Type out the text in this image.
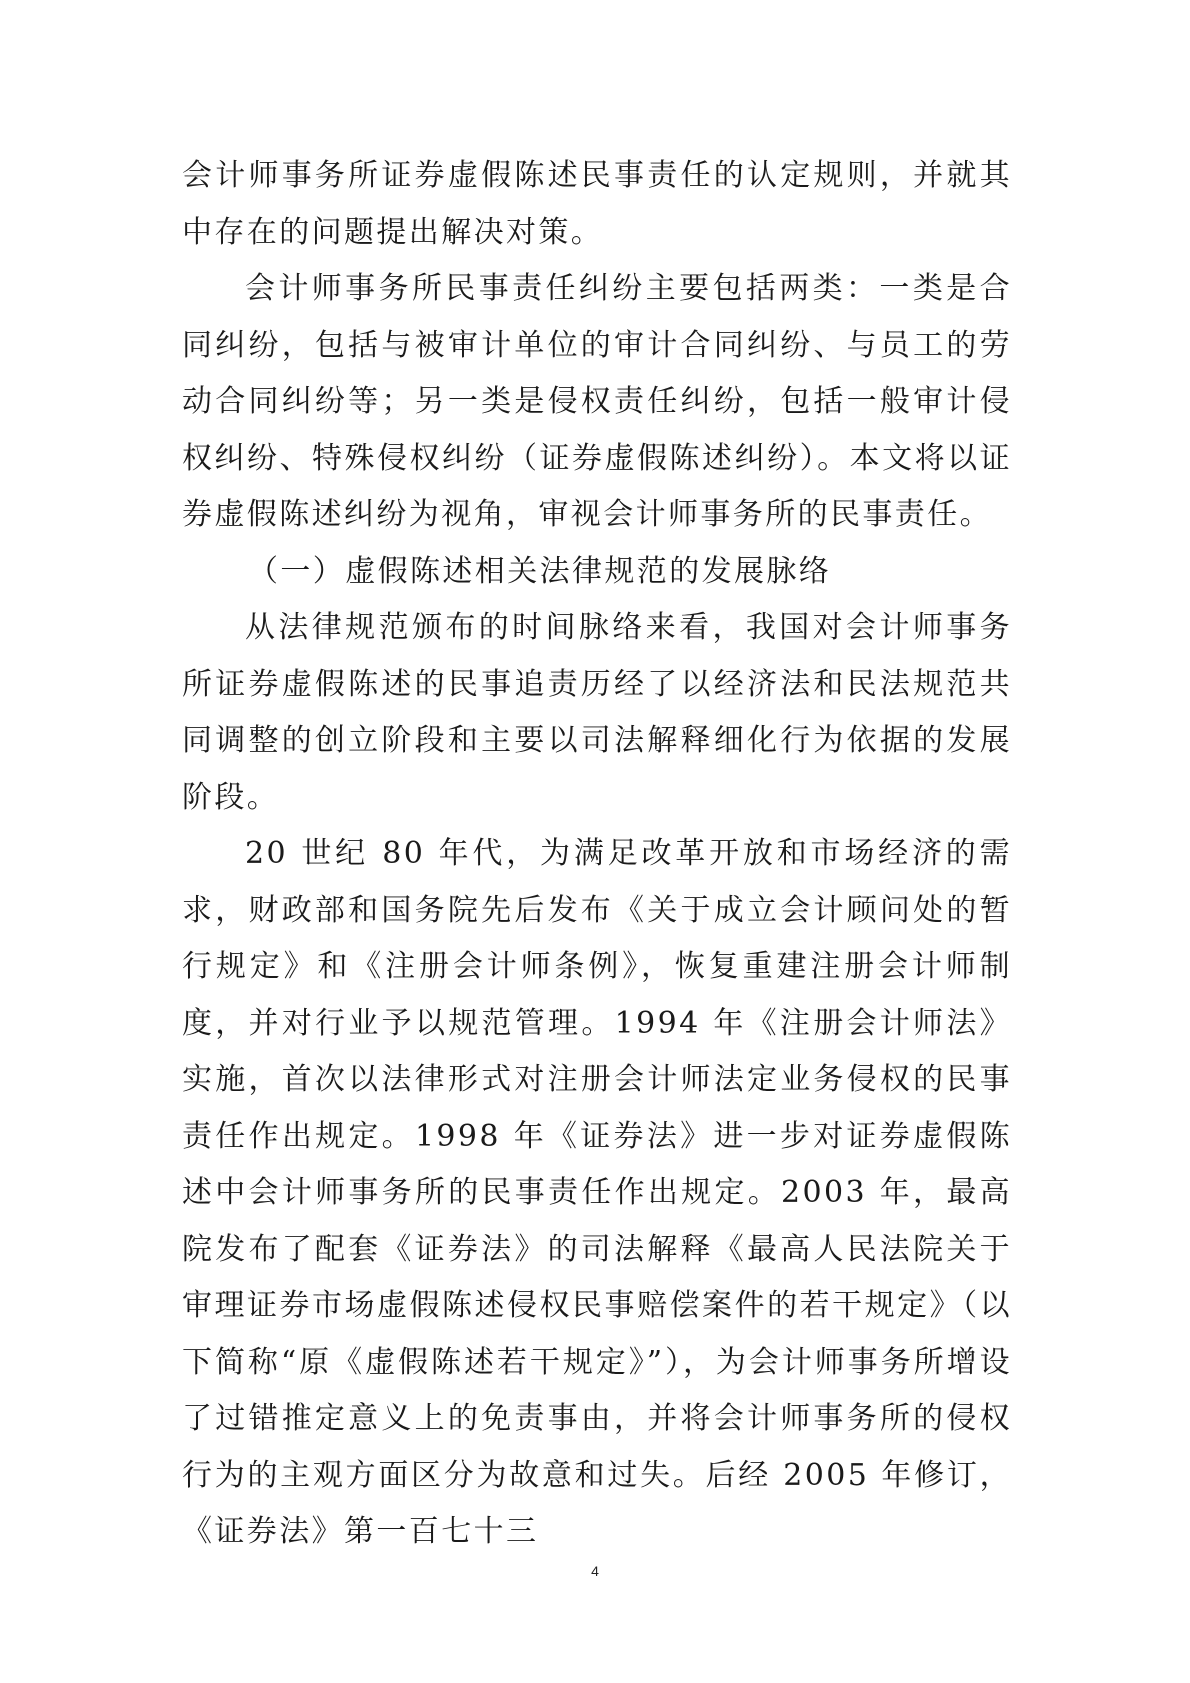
会计师事务所证券虚假陈述民事责任的认定规则，并就其中存在的问题提出解决对策。

会计师事务所民事责任纠纷主要包括两类：一类是合同纠纷，包括与被审计单位的审计合同纠纷、与员工的劳动合同纠纷等；另一类是侵权责任纠纷，包括一般审计侵权纠纷、特殊侵权纠纷（证券虚假陈述纠纷）。本文将以证券虚假陈述纠纷为视角，审视会计师事务所的民事责任。

（一）虚假陈述相关法律规范的发展脉络

从法律规范颁布的时间脉络来看，我国对会计师事务所证券虚假陈述的民事追责历经了以经济法和民法规范共同调整的创立阶段和主要以司法解释细化行为依据的发展阶段。

20 世纪 80 年代，为满足改革开放和市场经济的需求，财政部和国务院先后发布《关于成立会计顾问处的暂行规定》和《注册会计师条例》，恢复重建注册会计师制度，并对行业予以规范管理。1994 年《注册会计师法》实施，首次以法律形式对注册会计师法定业务侵权的民事责任作出规定。1998 年《证券法》进一步对证券虚假陈述中会计师事务所的民事责任作出规定。2003 年，最高院发布了配套《证券法》的司法解释《最高人民法院关于审理证券市场虚假陈述侵权民事赔偿案件的若干规定》（以下简称“原《虚假陈述若干规定》”），为会计师事务所增设了过错推定意义上的免责事由，并将会计师事务所的侵权行为的主观方面区分为故意和过失。后经 2005 年修订，《证券法》第一百七十三

4
